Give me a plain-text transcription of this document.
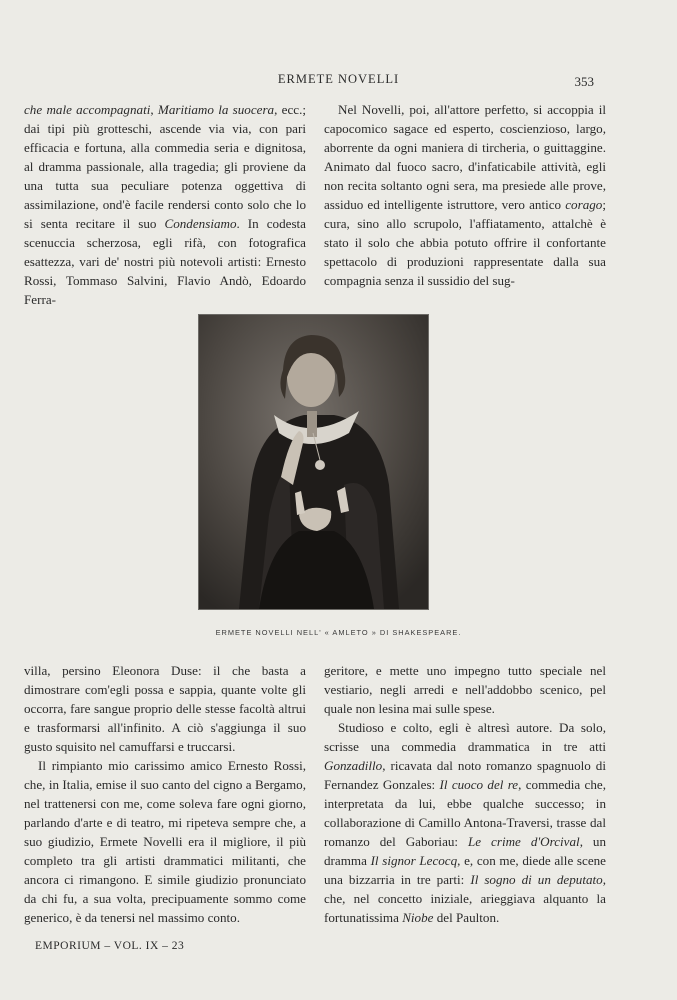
ERMETE NOVELLI	353

che male accompagnati, Maritiamo la suocera, ecc.; dai tipi più grotteschi, ascende via via, con pari efficacia e fortuna, alla commedia seria e dignitosa, al dramma passionale, alla tragedia; gli proviene da una tutta sua peculiare potenza oggettiva di assimilazione, ond'è facile rendersi conto solo che lo si senta recitare il suo Condensiamo. In codesta scenuccia scherzosa, egli rifà, con fotografica esattezza, vari de' nostri più notevoli artisti: Ernesto Rossi, Tommaso Salvini, Flavio Andò, Edoardo Ferra-

Nel Novelli, poi, all'attore perfetto, si accoppia il capocomico sagace ed esperto, coscienzioso, largo, aborrente da ogni maniera di tircheria, o guittaggine. Animato dal fuoco sacro, d'infaticabile attività, egli non recita soltanto ogni sera, ma presiede alle prove, assiduo ed intelligente istruttore, vero antico corago; cura, sino allo scrupolo, l'affiatamento, attalchè è stato il solo che abbia potuto offrire il confortante spettacolo di produzioni rappresentate dalla sua compagnia senza il sussidio del sug-

ERMETE NOVELLI NELL' « AMLETO » DI SHAKESPEARE.

villa, persino Eleonora Duse: il che basta a dimostrare com'egli possa e sappia, quante volte gli occorra, fare sangue proprio delle stesse facoltà altrui e trasformarsi all'infinito. A ciò s'aggiunga il suo gusto squisito nel camuffarsi e truccarsi.

Il rimpianto mio carissimo amico Ernesto Rossi, che, in Italia, emise il suo canto del cigno a Bergamo, nel trattenersi con me, come soleva fare ogni giorno, parlando d'arte e di teatro, mi ripeteva sempre che, a suo giudizio, Ermete Novelli era il migliore, il più completo tra gli artisti drammatici militanti, che ancora ci rimangono. E simile giudizio pronunciato da chi fu, a sua volta, precipuamente sommo come generico, è da tenersi nel massimo conto.

geritore, e mette uno impegno tutto speciale nel vestiario, negli arredi e nell'addobbo scenico, pel quale non lesina mai sulle spese.

Studioso e colto, egli è altresì autore. Da solo, scrisse una commedia drammatica in tre atti Gonzadillo, ricavata dal noto romanzo spagnuolo di Fernandez Gonzales: Il cuoco del re, commedia che, interpretata da lui, ebbe qualche successo; in collaborazione di Camillo Antona-Traversi, trasse dal romanzo del Gaboriau: Le crime d'Orcival, un dramma Il signor Lecocq, e, con me, diede alle scene una bizzarria in tre parti: Il sogno di un deputato, che, nel concetto iniziale, arieggiava alquanto la fortunatissima Niobe del Paulton.

EMPORIUM – VOL. IX – 23
